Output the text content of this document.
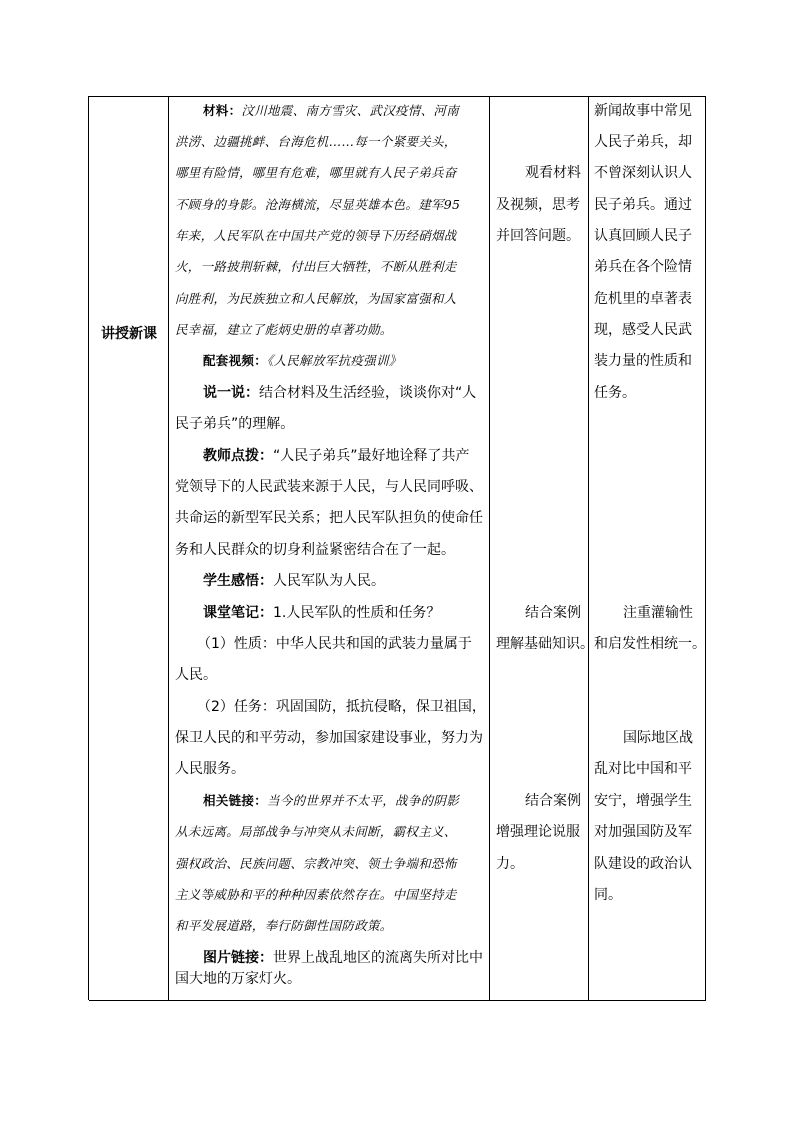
讲授新课
材料：汶川地震、南方雪灾、武汉疫情、河南
洪涝、边疆挑衅、台海危机……每一个紧要关头，
哪里有险情，哪里有危难，哪里就有人民子弟兵奋
不顾身的身影。沧海横流，尽显英雄本色。建军95
年来，人民军队在中国共产党的领导下历经硝烟战
火，一路披荆斩棘，付出巨大牺牲，不断从胜利走
向胜利，为民族独立和人民解放，为国家富强和人
民幸福，建立了彪炳史册的卓著功勋。
配套视频：《人民解放军抗疫强训》
说一说：结合材料及生活经验，谈谈你对“人
民子弟兵”的理解。
教师点拨：“人民子弟兵”最好地诠释了共产
党领导下的人民武装来源于人民，与人民同呼吸、
共命运的新型军民关系；把人民军队担负的使命任
务和人民群众的切身利益紧密结合在了一起。
学生感悟：人民军队为人民。
课堂笔记：1.人民军队的性质和任务？
（1）性质：中华人民共和国的武装力量属于
人民。
（2）任务：巩固国防，抵抗侵略，保卫祖国，
保卫人民的和平劳动，参加国家建设事业，努力为
人民服务。
相关链接：当今的世界并不太平，战争的阴影
从未远离。局部战争与冲突从未间断，霸权主义、
强权政治、民族问题、宗教冲突、领土争端和恐怖
主义等威胁和平的种种因素依然存在。中国坚持走
和平发展道路，奉行防御性国防政策。
图片链接：世界上战乱地区的流离失所对比中
国大地的万家灯火。
观看材料
及视频，思考
并回答问题。
结合案例
理解基础知识。
结合案例
增强理论说服
力。
新闻故事中常见
人民子弟兵，却
不曾深刻认识人
民子弟兵。通过
认真回顾人民子
弟兵在各个险情
危机里的卓著表
现，感受人民武
装力量的性质和
任务。
注重灌输性
和启发性相统一。
国际地区战
乱对比中国和平
安宁，增强学生
对加强国防及军
队建设的政治认
同。
